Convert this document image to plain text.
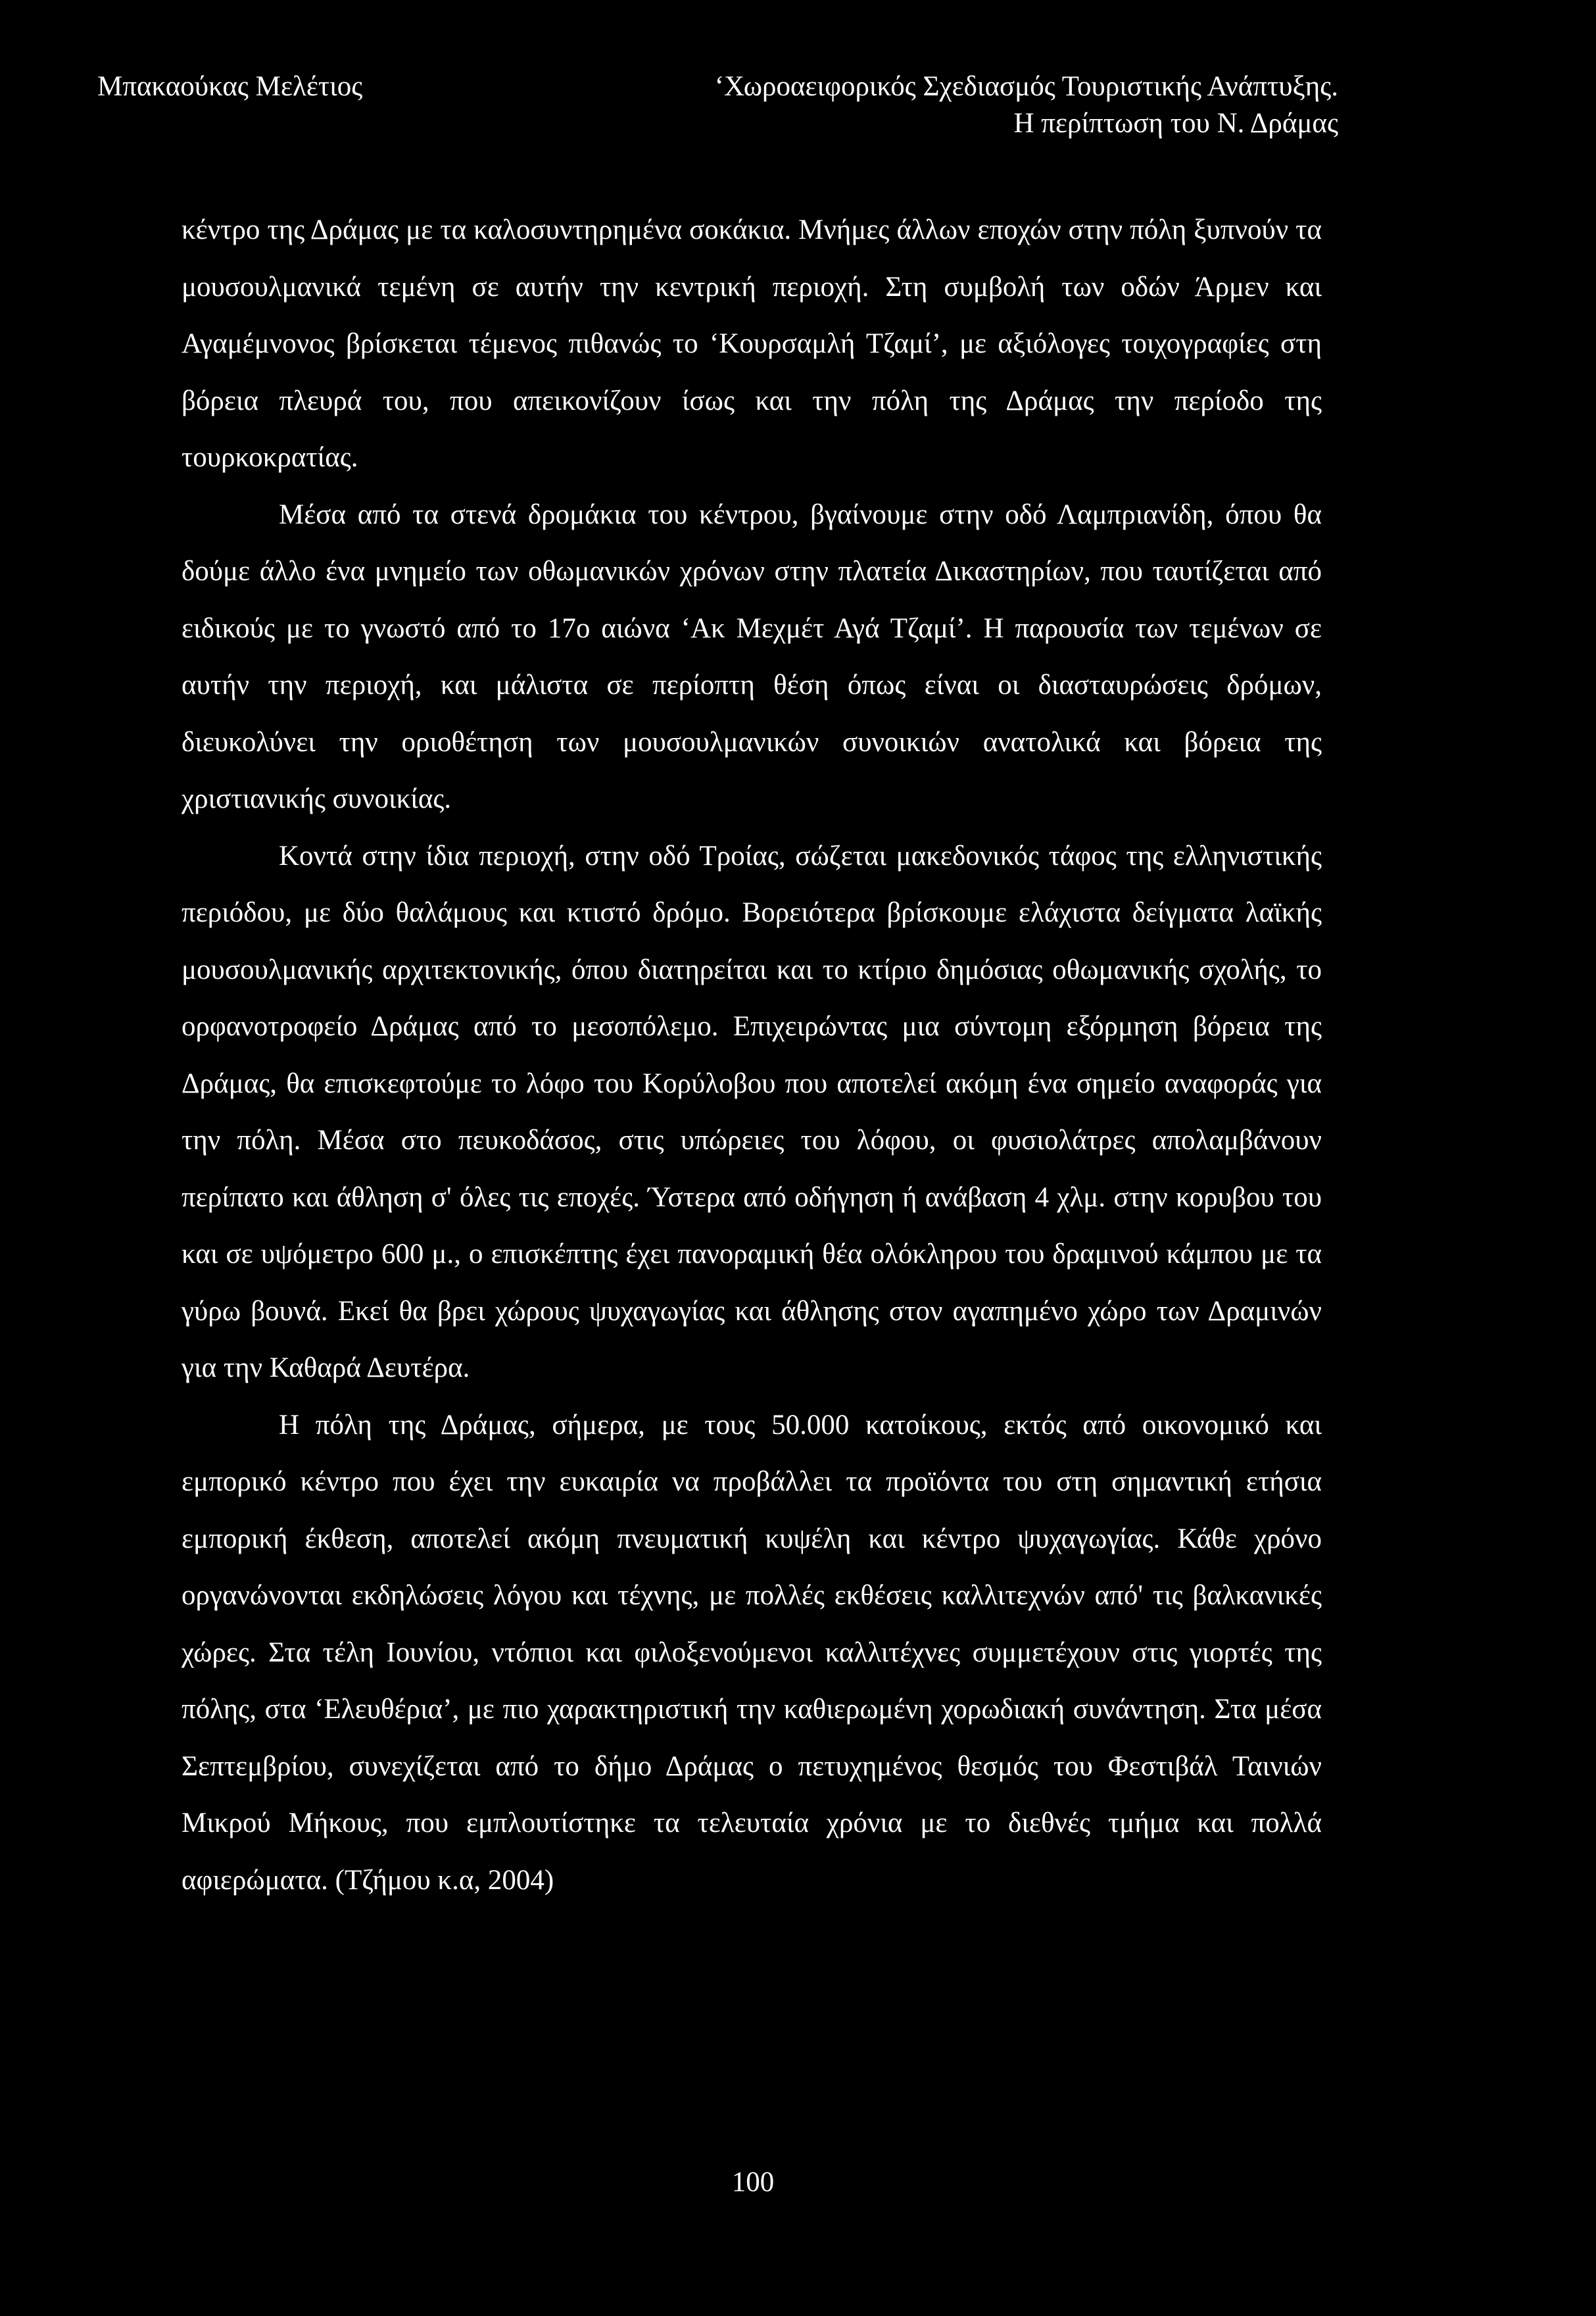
Μπακαούκας Μελέτιος	‘Χωροαειφορικός Σχεδιασμός Τουριστικής Ανάπτυξης.
Η περίπτωση του Ν. Δράμας

κέντρο της Δράμας με τα καλοσυντηρημένα σοκάκια. Μνήμες άλλων εποχών στην πόλη ξυπνούν τα μουσουλμανικά τεμένη σε αυτήν την κεντρική περιοχή. Στη συμβολή των οδών Άρμεν και Αγαμέμνονος βρίσκεται τέμενος πιθανώς το ‘Κουρσαμλή Τζαμί’, με αξιόλογες τοιχογραφίες στη βόρεια πλευρά του, που απεικονίζουν ίσως και την πόλη της Δράμας την περίοδο της τουρκοκρατίας.

Μέσα από τα στενά δρομάκια του κέντρου, βγαίνουμε στην οδό Λαμπριανίδη, όπου θα δούμε άλλο ένα μνημείο των οθωμανικών χρόνων στην πλατεία Δικαστηρίων, που ταυτίζεται από ειδικούς με το γνωστό από το 17ο αιώνα ‘Ακ Μεχμέτ Αγά Τζαμί’. Η παρουσία των τεμένων σε αυτήν την περιοχή, και μάλιστα σε περίοπτη θέση όπως είναι οι διασταυρώσεις δρόμων, διευκολύνει την οριοθέτηση των μουσουλμανικών συνοικιών ανατολικά και βόρεια της χριστιανικής συνοικίας.

Κοντά στην ίδια περιοχή, στην οδό Τροίας, σώζεται μακεδονικός τάφος της ελληνιστικής περιόδου, με δύο θαλάμους και κτιστό δρόμο. Βορειότερα βρίσκουμε ελάχιστα δείγματα λαϊκής μουσουλμανικής αρχιτεκτονικής, όπου διατηρείται και το κτίριο δημόσιας οθωμανικής σχολής, το ορφανοτροφείο Δράμας από το μεσοπόλεμο. Επιχειρώντας μια σύντομη εξόρμηση βόρεια της Δράμας, θα επισκεφτούμε το λόφο του Κορύλοβου που αποτελεί ακόμη ένα σημείο αναφοράς για την πόλη. Μέσα στο πευκοδάσος, στις υπώρειες του λόφου, οι φυσιολάτρες απολαμβάνουν περίπατο και άθληση σ' όλες τις εποχές. Ύστερα από οδήγηση ή ανάβαση 4 χλμ. στην κορυβου του και σε υψόμετρο 600 μ., ο επισκέπτης έχει πανοραμική θέα ολόκληρου του δραμινού κάμπου με τα γύρω βουνά. Εκεί θα βρει χώρους ψυχαγωγίας και άθλησης στον αγαπημένο χώρο των Δραμινών για την Καθαρά Δευτέρα.

Η πόλη της Δράμας, σήμερα, με τους 50.000 κατοίκους, εκτός από οικονομικό και εμπορικό κέντρο που έχει την ευκαιρία να προβάλλει τα προϊόντα του στη σημαντική ετήσια εμπορική έκθεση, αποτελεί ακόμη πνευματική κυψέλη και κέντρο ψυχαγωγίας. Κάθε χρόνο οργανώνονται εκδηλώσεις λόγου και τέχνης, με πολλές εκθέσεις καλλιτεχνών από' τις βαλκανικές χώρες. Στα τέλη Ιουνίου, ντόπιοι και φιλοξενούμενοι καλλιτέχνες συμμετέχουν στις γιορτές της πόλης, στα ‘Ελευθέρια’, με πιο χαρακτηριστική την καθιερωμένη χορωδιακή συνάντηση. Στα μέσα Σεπτεμβρίου, συνεχίζεται από το δήμο Δράμας ο πετυχημένος θεσμός του Φεστιβάλ Ταινιών Μικρού Μήκους, που εμπλουτίστηκε τα τελευταία χρόνια με το διεθνές τμήμα και πολλά αφιερώματα. (Τζήμου κ.α, 2004)

100
